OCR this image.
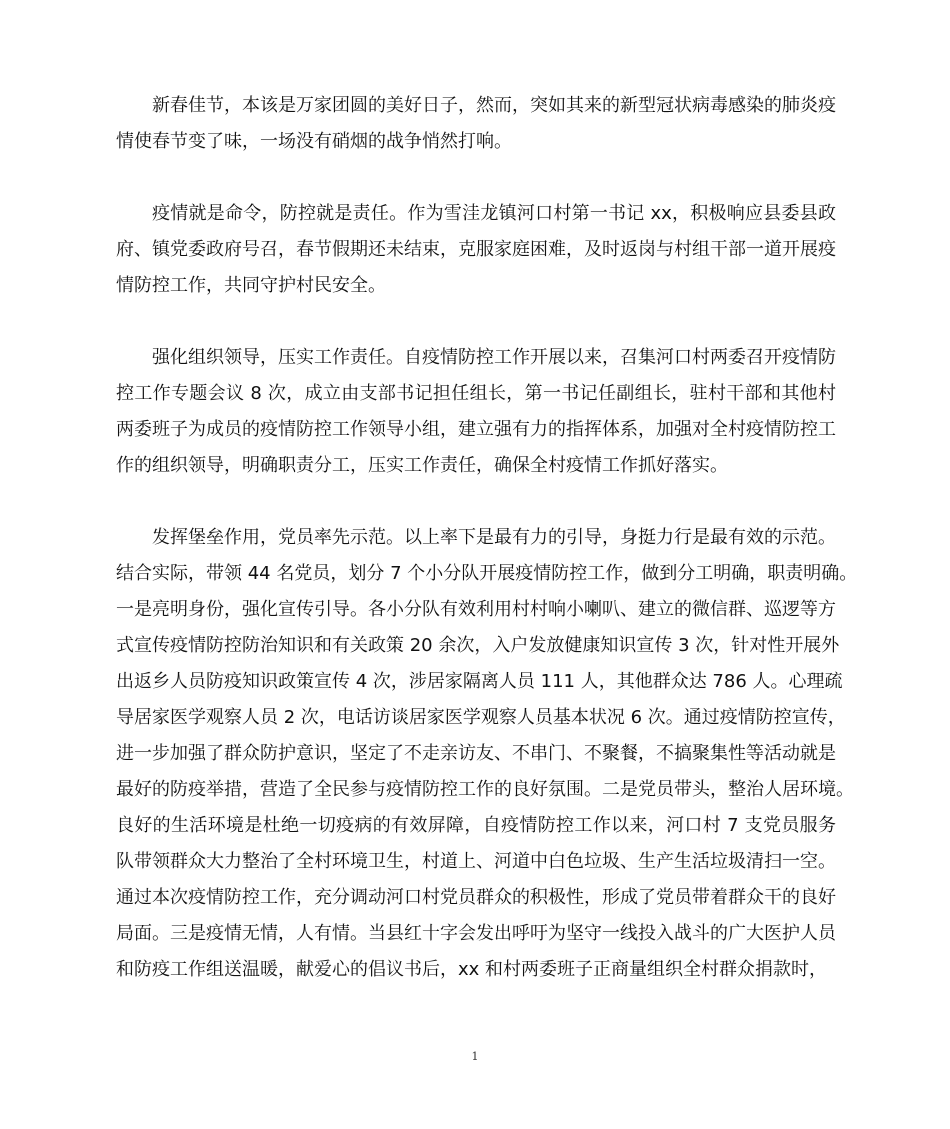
新春佳节，本该是万家团圆的美好日子，然而，突如其来的新型冠状病毒感染的肺炎疫
情使春节变了味，一场没有硝烟的战争悄然打响。

疫情就是命令，防控就是责任。作为雪洼龙镇河口村第一书记 xx，积极响应县委县政
府、镇党委政府号召，春节假期还未结束，克服家庭困难，及时返岗与村组干部一道开展疫
情防控工作，共同守护村民安全。

强化组织领导，压实工作责任。自疫情防控工作开展以来，召集河口村两委召开疫情防
控工作专题会议 8 次，成立由支部书记担任组长，第一书记任副组长，驻村干部和其他村
两委班子为成员的疫情防控工作领导小组，建立强有力的指挥体系，加强对全村疫情防控工
作的组织领导，明确职责分工，压实工作责任，确保全村疫情工作抓好落实。

发挥堡垒作用，党员率先示范。以上率下是最有力的引导，身挺力行是最有效的示范。
结合实际，带领 44 名党员，划分 7 个小分队开展疫情防控工作，做到分工明确，职责明确。
一是亮明身份，强化宣传引导。各小分队有效利用村村响小喇叭、建立的微信群、巡逻等方
式宣传疫情防控防治知识和有关政策 20 余次，入户发放健康知识宣传 3 次，针对性开展外
出返乡人员防疫知识政策宣传 4 次，涉居家隔离人员 111 人，其他群众达 786 人。心理疏
导居家医学观察人员 2 次，电话访谈居家医学观察人员基本状况 6 次。通过疫情防控宣传，
进一步加强了群众防护意识，坚定了不走亲访友、不串门、不聚餐，不搞聚集性等活动就是
最好的防疫举措，营造了全民参与疫情防控工作的良好氛围。二是党员带头，整治人居环境。
良好的生活环境是杜绝一切疫病的有效屏障，自疫情防控工作以来，河口村 7 支党员服务
队带领群众大力整治了全村环境卫生，村道上、河道中白色垃圾、生产生活垃圾清扫一空。
通过本次疫情防控工作，充分调动河口村党员群众的积极性，形成了党员带着群众干的良好
局面。三是疫情无情，人有情。当县红十字会发出呼吁为坚守一线投入战斗的广大医护人员
和防疫工作组送温暖，献爱心的倡议书后，xx 和村两委班子正商量组织全村群众捐款时，

1
